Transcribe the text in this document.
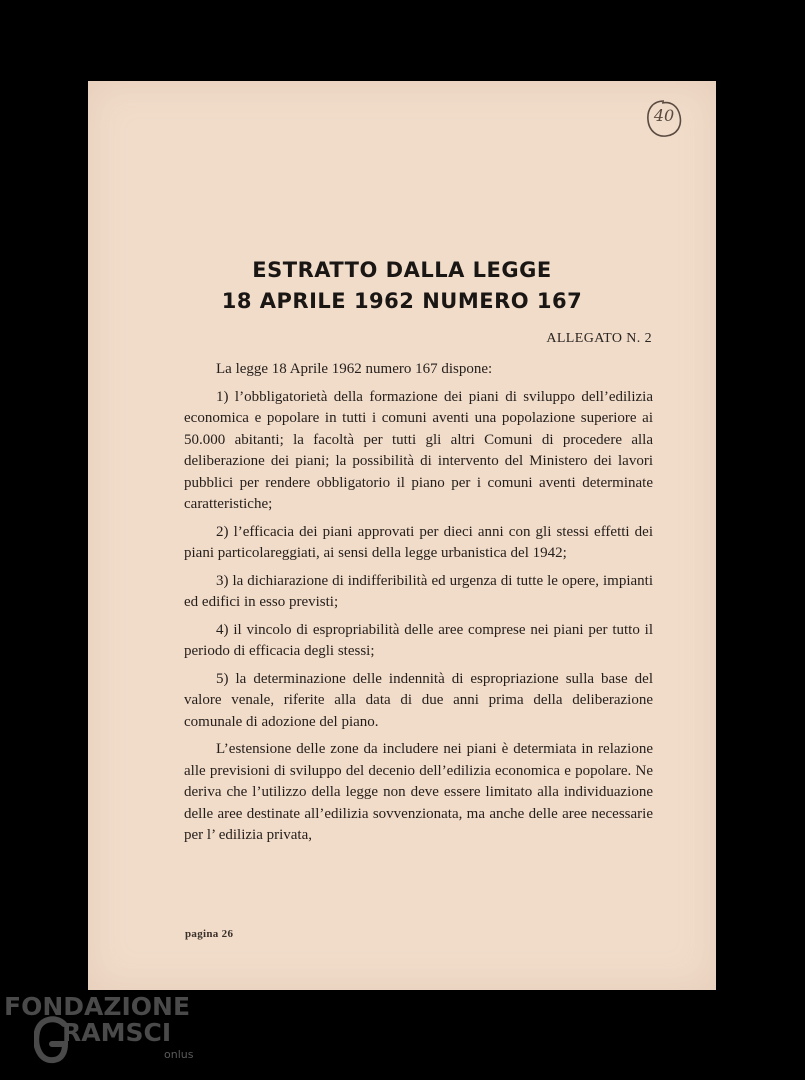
40
ESTRATTO DALLA LEGGE
18 APRILE 1962 NUMERO 167
ALLEGATO N. 2

La legge 18 Aprile 1962 numero 167 dispone:

1) l’obbligatorietà della formazione dei piani di sviluppo dell’edilizia economica e popolare in tutti i comuni aventi una popolazione superiore ai 50.000 abitanti; la facoltà per tutti gli altri Comuni di procedere alla deliberazione dei piani; la possibilità di intervento del Ministero dei lavori pubblici per rendere obbligatorio il piano per i comuni aventi determinate caratteristiche;

2) l’efficacia dei piani approvati per dieci anni con gli stessi effetti dei piani particolareggiati, ai sensi della legge urbanistica del 1942;

3) la dichiarazione di indifferibilità ed urgenza di tutte le opere, impianti ed edifici in esso previsti;

4) il vincolo di espropriabilità delle aree comprese nei piani per tutto il periodo di efficacia degli stessi;

5) la determinazione delle indennità di espropriazione sulla base del valore venale, riferite alla data di due anni prima della deliberazione comunale di adozione del piano.

L’estensione delle zone da includere nei piani è determiata in relazione alle previsioni di sviluppo del decenio dell’edilizia economica e popolare. Ne deriva che l’utilizzo della legge non deve essere limitato alla individuazione delle aree destinate all’edilizia sovvenzionata, ma anche delle aree necessarie per l’ edilizia privata,

pagina 26
FONDAZIONE
RAMSCI
onlus
